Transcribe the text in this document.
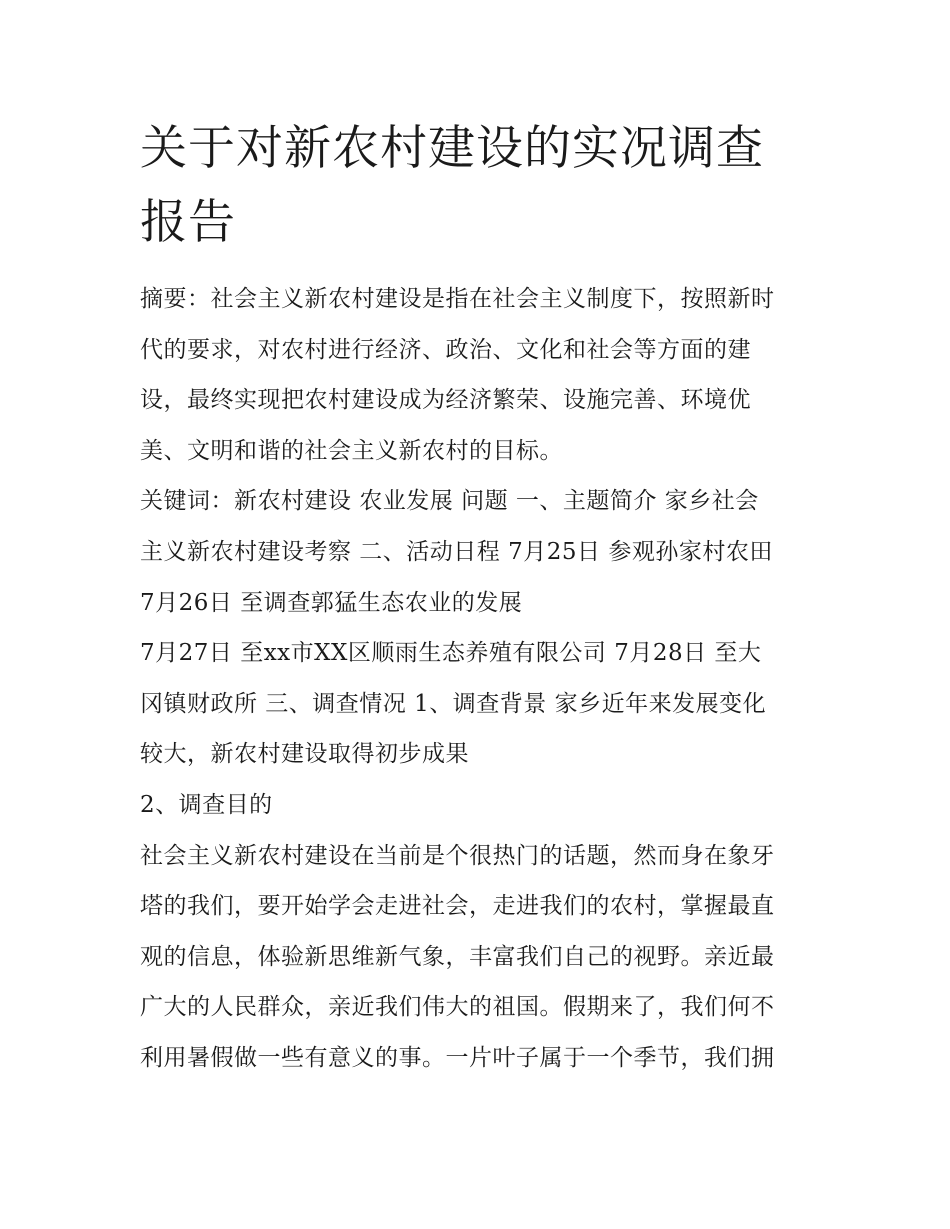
关于对新农村建设的实况调查
报告
摘要：社会主义新农村建设是指在社会主义制度下，按照新时
代的要求，对农村进行经济、政治、文化和社会等方面的建
设，最终实现把农村建设成为经济繁荣、设施完善、环境优
美、文明和谐的社会主义新农村的目标。
关键词：新农村建设 农业发展 问题 一、主题简介 家乡社会
主义新农村建设考察 二、活动日程 7月25日 参观孙家村农田
7月26日 至调查郭猛生态农业的发展
7月27日 至xx市XX区顺雨生态养殖有限公司 7月28日 至大
冈镇财政所 三、调查情况 1、调查背景 家乡近年来发展变化
较大，新农村建设取得初步成果
2、调查目的
社会主义新农村建设在当前是个很热门的话题，然而身在象牙
塔的我们，要开始学会走进社会，走进我们的农村，掌握最直
观的信息，体验新思维新气象，丰富我们自己的视野。亲近最
广大的人民群众，亲近我们伟大的祖国。假期来了，我们何不
利用暑假做一些有意义的事。一片叶子属于一个季节，我们拥
